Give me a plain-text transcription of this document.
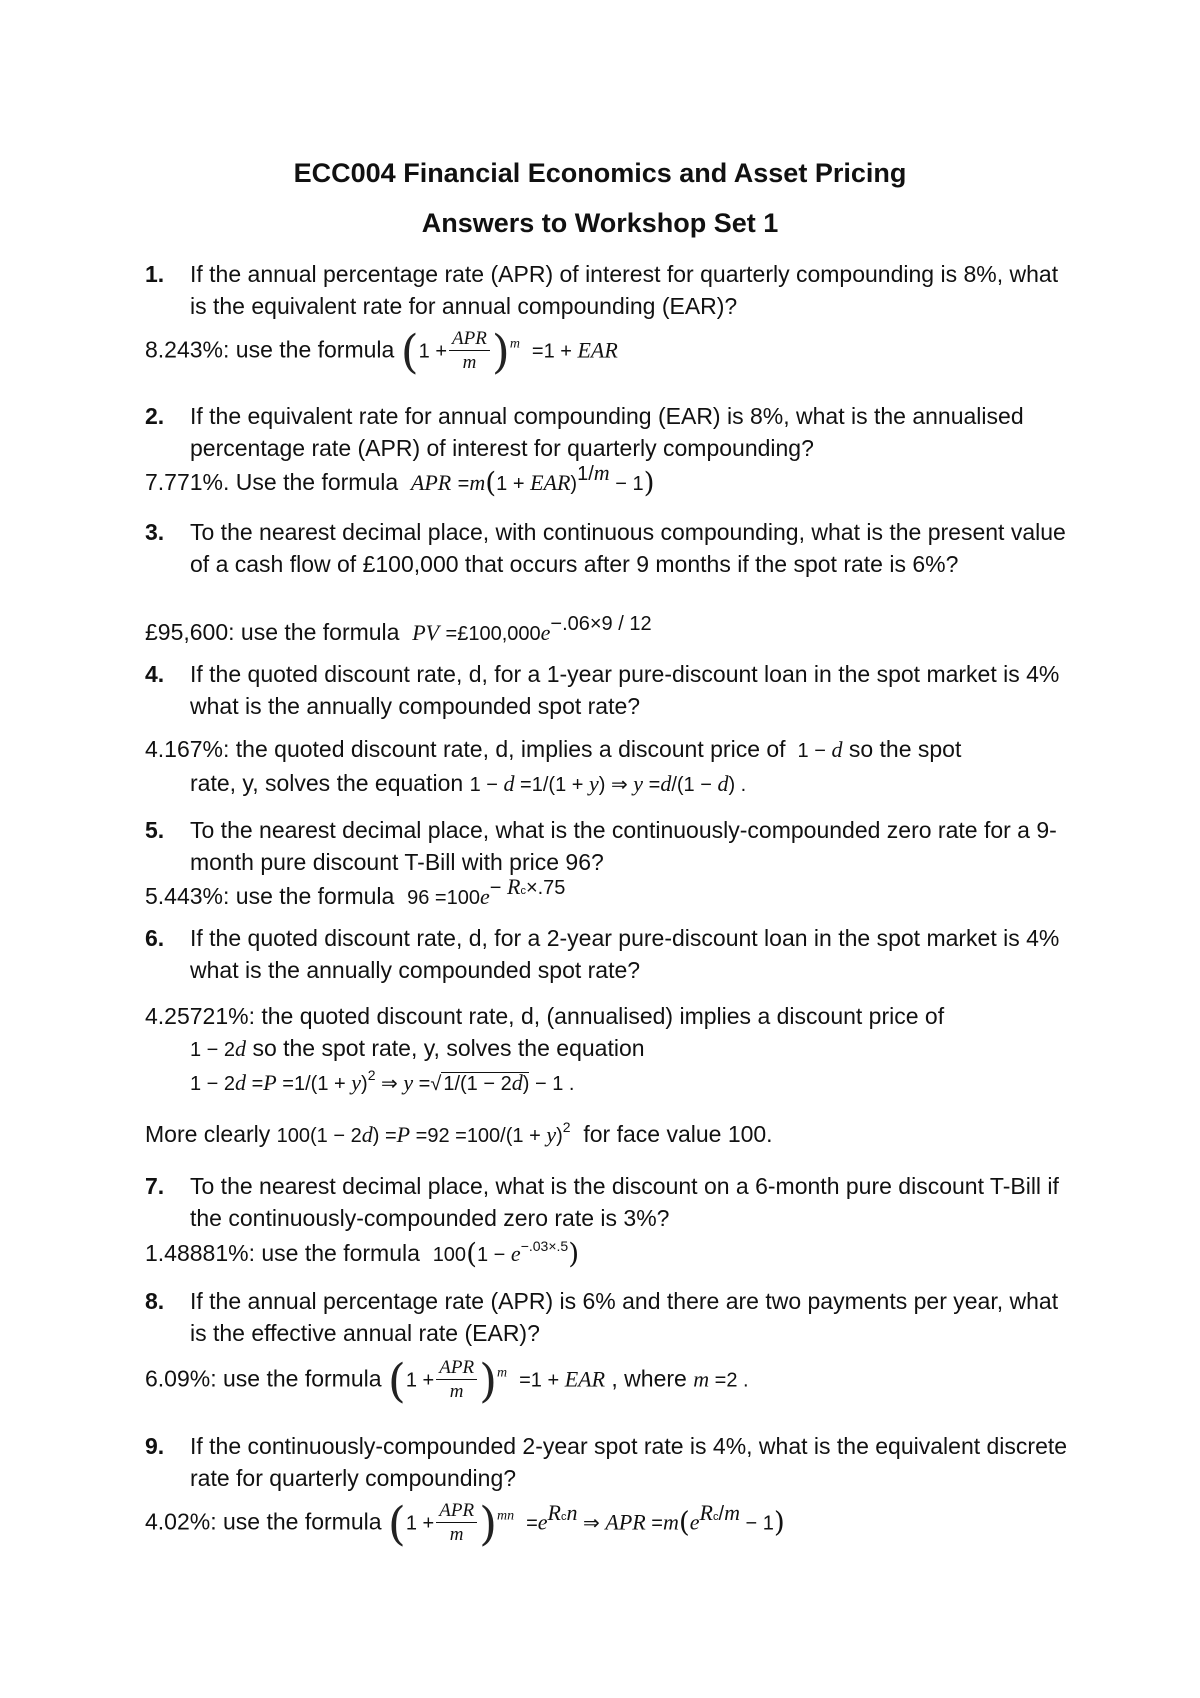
ECC004 Financial Economics and Asset Pricing
Answers to Workshop Set 1
1. If the annual percentage rate (APR) of interest for quarterly compounding is 8%, what is the equivalent rate for annual compounding (EAR)?
8.243%: use the formula $(1 + \frac{\text{APR}}{m} )^m =1$ + EAR
2. If the equivalent rate for annual compounding (EAR) is 8%, what is the annualised percentage rate (APR) of interest for quarterly compounding?
7.771%. Use the formula APR =m(1 + EAR)$^{1/m}$ − 1)
3. To the nearest decimal place, with continuous compounding, what is the present value of a cash flow of £100,000 that occurs after 9 months if the spot rate is 6%?
£95,600: use the formula PV $=£100,000e^{-.06\times 9 / 12}$
4. If the quoted discount rate, d, for a 1-year pure-discount loan in the spot market is 4% what is the annually compounded spot rate?
4.167%: the quoted discount rate, d, implies a discount price of  1 − d so the spot
rate, y, solves the equation 1 − d =1/(1 + y) ⇒ y =d/(1 − d) .
5. To the nearest decimal place, what is the continuously-compounded zero rate for a 9-month pure discount T-Bill with price 96?
5.443%: use the formula $96 =100e^{- Rc\times.75}$
6. If the quoted discount rate, d, for a 2-year pure-discount loan in the spot market is 4% what is the annually compounded spot rate?
4.25721%: the quoted discount rate, d, (annualised) implies a discount price of
1 − 2d so the spot rate, y, solves the equation
$1 - 2d =P =1/(1 + y)^2$ ⇒ y =√ 1/(1 − 2d) − 1 .
More clearly $100(1 - 2d) =P =92 =100/(1 + y)^2$ for face value 100.
7. To the nearest decimal place, what is the discount on a 6-month pure discount T-Bill if the continuously-compounded zero rate is 3%?
1.48881%: use the formula $100(1 - e^{-.03\times.5})$
8. If the annual percentage rate (APR) is 6% and there are two payments per year, what is the effective annual rate (EAR)?
6.09%: use the formula $(1 + \frac{\text{APR}}{m} )^m =1$ + EAR , where m =2 .
9. If the continuously-compounded 2-year spot rate is 4%, what is the equivalent discrete rate for quarterly compounding?
4.02%: use the formula $(1 + \frac{\text{APR}}{m} )^{mn} =e^{Rcn}$ ⇒ APR $=m(e^{Rc/m} - 1)$
